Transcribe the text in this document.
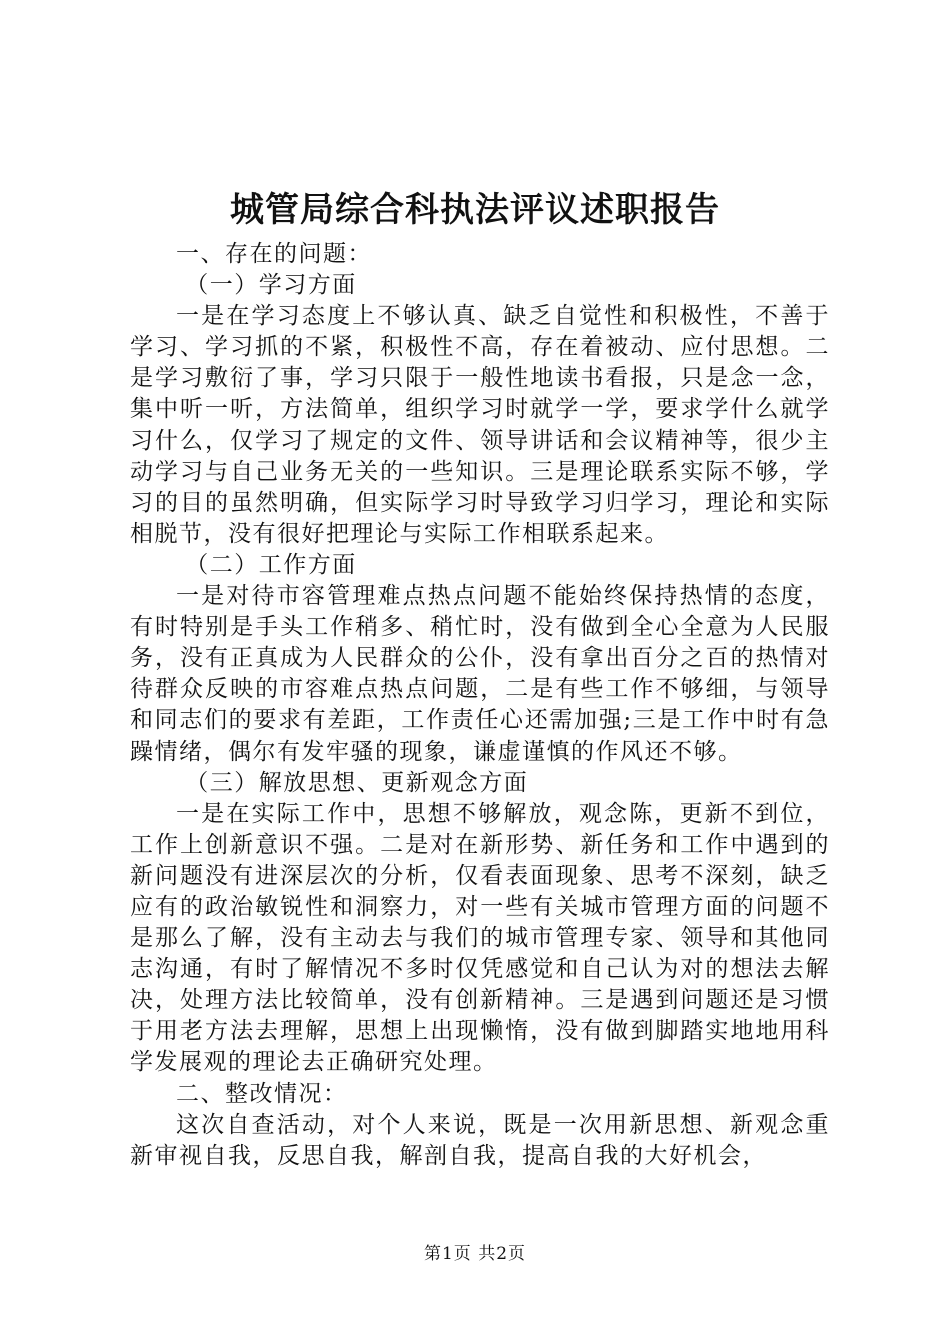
城管局综合科执法评议述职报告

一、存在的问题：

（一）学习方面

一是在学习态度上不够认真、缺乏自觉性和积极性，不善于学习、学习抓的不紧，积极性不高，存在着被动、应付思想。二是学习敷衍了事，学习只限于一般性地读书看报，只是念一念，集中听一听，方法简单，组织学习时就学一学，要求学什么就学习什么，仅学习了规定的文件、领导讲话和会议精神等，很少主动学习与自己业务无关的一些知识。三是理论联系实际不够，学习的目的虽然明确，但实际学习时导致学习归学习，理论和实际相脱节，没有很好把理论与实际工作相联系起来。

（二）工作方面

一是对待市容管理难点热点问题不能始终保持热情的态度，有时特别是手头工作稍多、稍忙时，没有做到全心全意为人民服务，没有正真成为人民群众的公仆，没有拿出百分之百的热情对待群众反映的市容难点热点问题，二是有些工作不够细，与领导和同志们的要求有差距，工作责任心还需加强;三是工作中时有急躁情绪，偶尔有发牢骚的现象，谦虚谨慎的作风还不够。

（三）解放思想、更新观念方面

一是在实际工作中，思想不够解放，观念陈，更新不到位，工作上创新意识不强。二是对在新形势、新任务和工作中遇到的新问题没有进深层次的分析，仅看表面现象、思考不深刻，缺乏应有的政治敏锐性和洞察力，对一些有关城市管理方面的问题不是那么了解，没有主动去与我们的城市管理专家、领导和其他同志沟通，有时了解情况不多时仅凭感觉和自己认为对的想法去解决，处理方法比较简单，没有创新精神。三是遇到问题还是习惯于用老方法去理解，思想上出现懒惰，没有做到脚踏实地地用科学发展观的理论去正确研究处理。

二、整改情况：

这次自查活动，对个人来说，既是一次用新思想、新观念重新审视自我，反思自我，解剖自我，提高自我的大好机会，

第1页 共2页
